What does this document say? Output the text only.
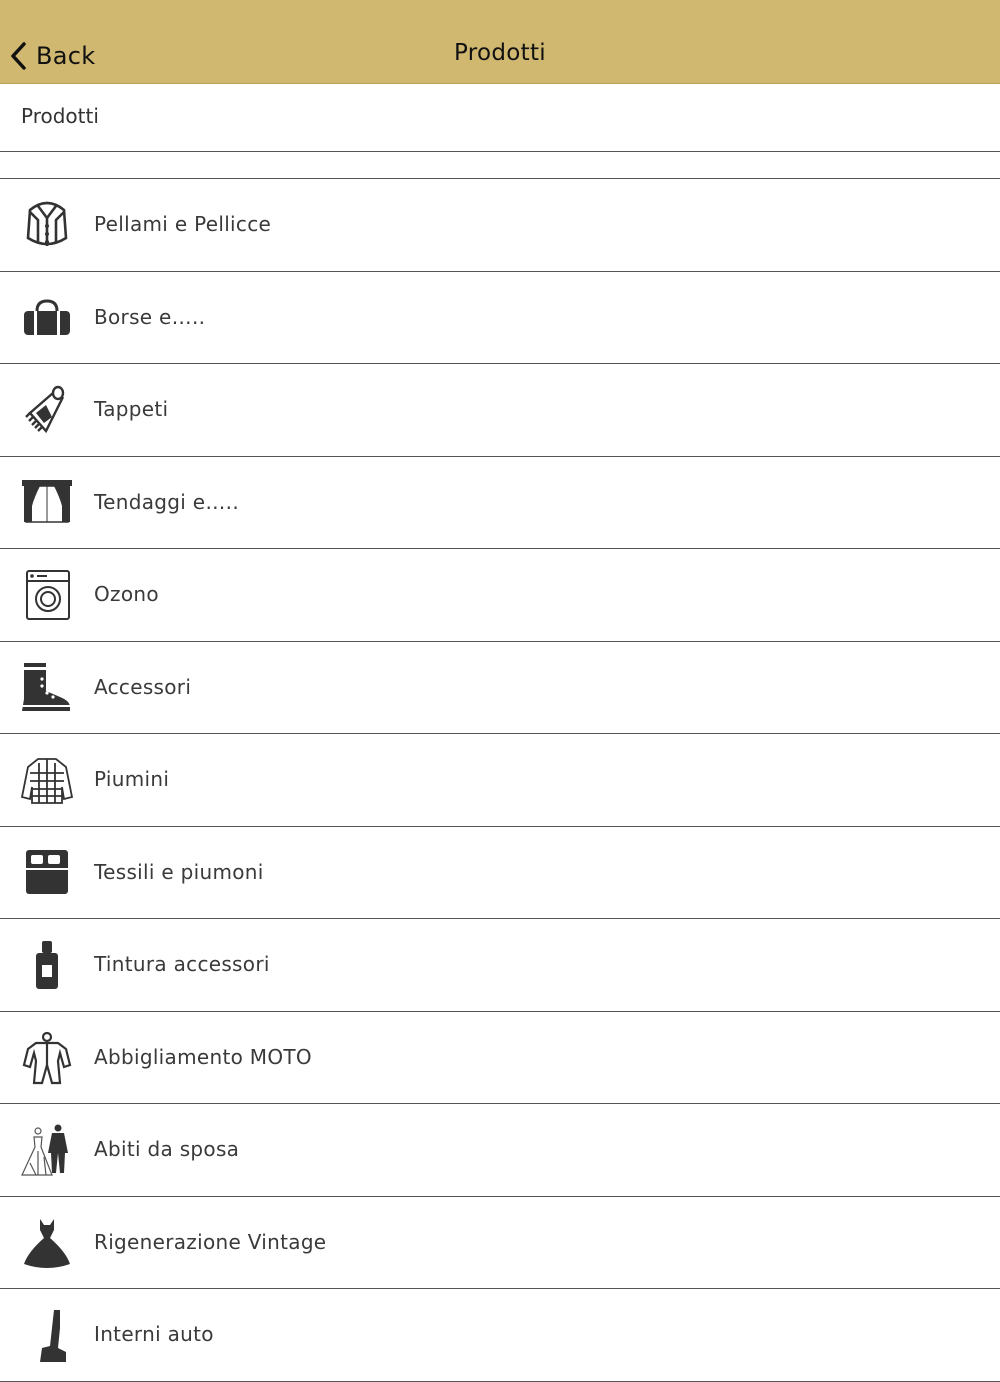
Back	Prodotti
Prodotti
Pellami e Pellicce
Borse e…..
Tappeti
Tendaggi e…..
Ozono
Accessori
Piumini
Tessili e piumoni
Tintura accessori
Abbigliamento MOTO
Abiti da sposa
Rigenerazione Vintage
Interni auto
